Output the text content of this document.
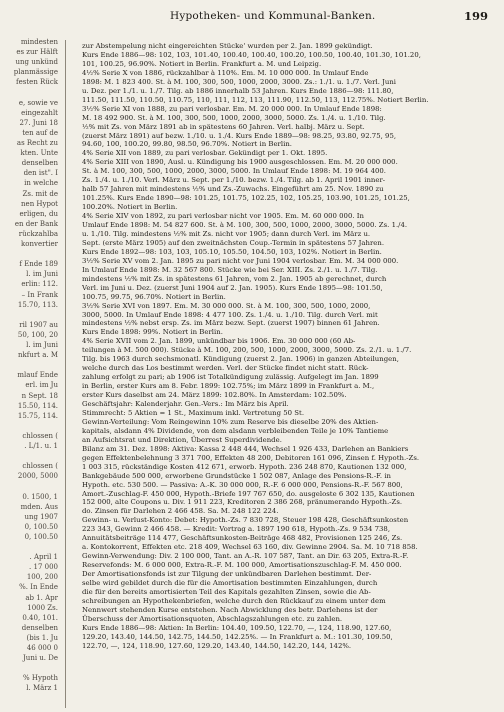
Hypotheken- und Kommunal-Banken.	199
mindesten
es zur Hälft
ung unkünd
planmässige
festen Rück
e, sowie ve
eingezahlt
27. Juni 18
ten auf de
as Recht zu
kten. Unte
denselben
den ist". I
in welche
Zs. mit de
nen Hypot
erligen, du
en der Bank
rückzahlba
konvertier
f Ende 189
l. im Juni
erlin: 112.
– In Frank
15.70, 113.
ril 1907 au
50, 100, 20
l. im Juni
nkfurt a. M
mlauf Ende
erl. im Ju
n Sept. 18
15.50, 114.
15.75, 114.
chlossen (
. L/1. u. 1
chlossen (
2000, 5000
0. 1500, 1
mden. Aus
ung 1907
0, 100.50
0, 100.50
. April 1
. 17 000
100, 200
%. In Ende
ab 1. Apr
1000 Zs.
0.40, 101.
denselben
(bis 1. Ju
46 000 0
Juni u. De
% Hypoth
l. März 1
zur Abstempelung nicht eingereichten Stücke' wurden per 2. Jan. 1899 gekündigt.
Kurs Ende 1886—98: 102, 103, 101.40, 100.40, 100.40, 100.20, 100.50, 100.40, 101.30, 101.20,
101, 100.25, 96.90%. Notiert in Berlin. Frankfurt a. M. und Leipzig.
4½% Serie X von 1886, rückzahlbar à 110%. Em. M. 10 000 000. In Umlauf Ende
1898: M. 1 823 400. St. à M. 100, 300, 500, 1000, 2000, 3000. Zs.: 1./1. u. 1./7. Verl. Juni
u. Dez. per 1./1. u. 1./7. Tilg. ab 1886 innerhalb 53 Jahren. Kurs Ende 1886—98: 111.80,
111.50, 111.50, 110.50, 110.75, 110, 111, 112, 113, 111.90, 112.50, 113, 112.75%. Notiert Berlin.
3½% Serie XI von 1888, zu pari verlosbar. Em. M. 20 000 000. In Umlauf Ende 1898:
M. 18 492 900. St. à M. 100, 300, 500, 1000, 2000, 3000, 5000. Zs. 1./4. u. 1./10. Tilg.
½% mit Zs. von März 1891 ab in spätestens 60 Jahren. Verl. halbj. März u. Sept.
(zuerst März 1891) auf bezw. 1./10. u. 1./4. Kurs Ende 1889—98: 98.25, 93.80, 92.75, 95,
94.60, 100, 100.20, 99.80, 98.50, 96.70%. Notiert in Berlin.
4% Serie XII von 1889, zu pari verlosbar. Gekündigt per 1. Okt. 1895.
4% Serie XIII von 1890, Ausl. u. Kündigung bis 1900 ausgeschlossen. Em. M. 20 000 000.
St. à M. 100, 300, 500, 1000, 2000, 3000, 5000. In Umlauf Ende 1898: M. 19 964 400.
Zs. 1./4. u. 1./10. Verl. März u. Sept. per 1./10. bezw. 1./4. Tilg. ab 1. April 1901 inner-
halb 57 Jahren mit mindestens ½% und Zs.-Zuwachs. Eingeführt am 25. Nov. 1890 zu
101.25%. Kurs Ende 1890—98: 101.25, 101.75, 102.25, 102, 105.25, 103.90, 101.25, 101.25,
100.20%. Notiert in Berlin.
4% Serie XIV von 1892, zu pari verlosbar nicht vor 1905. Em. M. 60 000 000. In
Umlauf Ende 1898: M. 54 827 600. St. à M. 100, 300, 500, 1000, 2000, 3000, 5000. Zs. 1./4.
u. 1./10. Tilg. mindestens ½% mit Zs. nicht vor 1905; dann durch Verl. im März u.
Sept. (erste März 1905) auf den zweitnächsten Coup.-Termin in spätestens 57 Jahren.
Kurs Ende 1892—98: 103, 103, 105.10, 105.50, 104.50, 103, 102%. Notiert in Berlin.
3½% Serie XV vom 2. Jan. 1895 zu pari nicht vor Juni 1904 verlosbar. Em. M. 34 000 000.
In Umlauf Ende 1898: M. 32 567 800. Stücke wie bei Ser. XIII. Zs. 2./1. u. 1./7. Tilg.
mindestens ½% mit Zs. in spätestens 61 Jahren, vom 2. Jan. 1905 ab gerechnet, durch
Verl. im Juni u. Dez. (zuerst Juni 1904 auf 2. Jan. 1905). Kurs Ende 1895—98: 101.50,
100.75, 99.75, 96.70%. Notiert in Berlin.
3½% Serie XVI von 1897. Em. M. 30 000 000. St. à M. 100, 300, 500, 1000, 2000,
3000, 5000. In Umlauf Ende 1898: 4 477 100. Zs. 1./4. u. 1./10. Tilg. durch Verl. mit
mindestens ½% nebst ersp. Zs. im März bezw. Sept. (zuerst 1907) binnen 61 Jahren.
Kurs Ende 1898: 99%. Notiert in Berlin.
4% Serie XVII vom 2. Jan. 1899, unkündbar bis 1906. Em. 30 000 000 (60 Ab-
teilungen à M. 500 000). Stücke à M. 100, 200, 500, 1000, 2000, 3000, 5000. Zs. 2./1. u. 1./7.
Tilg. bis 1963 durch sechsmonatl. Kündigung (zuerst 2. Jan. 1906) in ganzen Abteilungen,
welche durch das Los bestimmt werden. Verl. der Stücke findet nicht statt. Rück-
zahlung erfolgt zu pari; ab 1906 ist Totalkündigung zulässig. Aufgelegt im Jan. 1899
in Berlin, erster Kurs am 8. Febr. 1899: 102.75%; im März 1899 in Frankfurt a. M.,
erster Kurs daselbst am 24. März 1899: 102.80%. In Amsterdam: 102.50%.
Geschäftsjahr: Kalenderjahr. Gen.-Vers.: Im März bis April.
Stimmrecht: 5 Aktien = 1 St., Maximum inkl. Vertretung 50 St.
Gewinn-Verteilung: Vom Reingewinn 10% zum Reserve bis dieselbe 20% des Aktien-
kapitals, alsdann 4% Dividende, von dem alsdann verbleibenden Teile je 10% Tantieme
an Aufsichtsrat und Direktion, Überrest Superdividende.
Bilanz am 31. Dez. 1898: Aktiva: Kassa 2 448 444, Wechsel 1 926 433, Darlehen an Bankiers
gegen Effektenbelehnung 3 371 700, Effekten 48 200, Debitoren 161 096, Zinsen f. Hypoth.-Zs.
1 003 315, rückständige Kosten 412 671, erworb. Hypoth. 236 248 870, Kautionen 132 000,
Bankgebäude 500 000, erworbene Grundstücke 1 502 087, Anlage des Pensions-R.-F. in
Hypoth. etc. 530 500. — Passiva: A.-K. 30 000 000, R.-F. 6 000 000, Pensions-R.-F. 567 800,
Amort.-Zuschlag-F. 450 000, Hypoth.-Briefe 197 767 650, do. ausgeloste 6 302 135, Kautionen
152 000, alte Coupons u. Div. 1 911 223, Kreditoren 2 386 268, pränumerando Hypoth.-Zs.
do. Zinsen für Darlehen 2 466 458. Sa. M. 248 122 224.
Gewinn- u. Verlust-Konto: Debet: Hypoth.-Zs. 7 830 728, Steuer 198 428, Geschäftsunkosten
223 343, Gewinn 2 466 458. — Kredit: Vortrag a. 1897 190 618, Hypoth.-Zs. 9 534 738,
Annuitätsbeiträge 114 477, Geschäftsunkosten-Beiträge 468 482, Provisionen 125 246, Zs.
a. Kontokorrent, Effekten etc. 218 409, Wechsel 63 160, div. Gewinne 2904. Sa. M. 10 718 858.
Gewinn-Verwendung: Div. 2 100 000, Tant. an A.-R. 107 587, Tant. an Dir. 63 205, Extra-R.-F.
Reservefonds: M. 6 000 000, Extra-R.-F. M. 100 000, Amortisationszuschlag-F. M. 450 000.
Der Amortisationsfonds ist zur Tilgung der unkündbaren Darlehen bestimmt. Der-
selbe wird gebildet durch die für die Amortisation bestimmten Einzahlungen, durch
die für den bereits amortisierten Teil des Kapitals gezahlten Zinsen, sowie die Ab-
schreibungen an Hypothekenbriefen, welche durch den Rückkauf zu einem unter dem
Nennwert stehenden Kurse entstehen. Nach Abwicklung des betr. Darlehens ist der
Überschuss der Amortisationsquoten, Abschlagszahlungen etc. zu zahlen.
Kurs Ende 1886—98: Aktien: In Berlin: 104.40, 109.50, 122.70, —, 124, 118.90, 127.60,
129.20, 143.40, 144.50, 142.75, 144.50, 142.25%. — In Frankfurt a. M.: 101.30, 109.50,
122.70, —, 124, 118.90, 127.60, 129.20, 143.40, 144.50, 142.20, 144, 142%.
